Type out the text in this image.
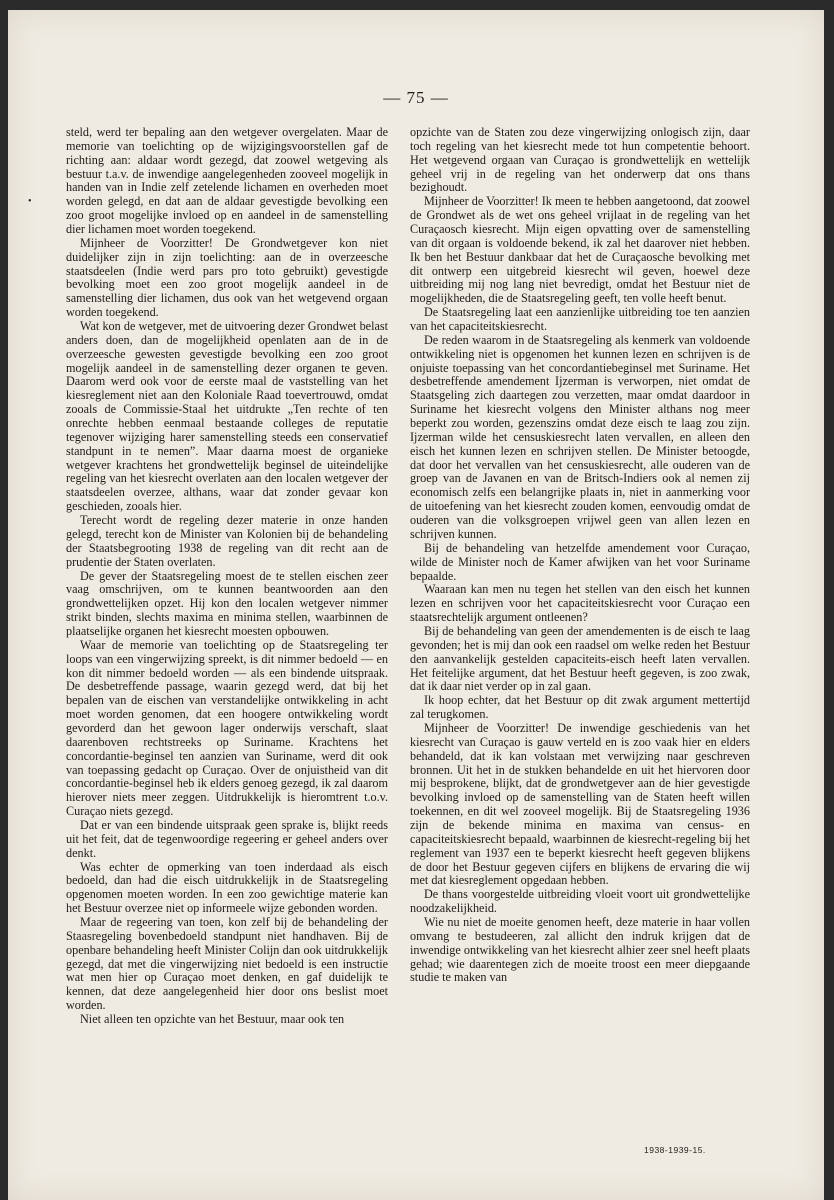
— 75 —
•

steld, werd ter bepaling aan den wetgever overgelaten. Maar de memorie van toelichting op de wijzigingsvoorstellen gaf de richting aan: aldaar wordt gezegd, dat zoowel wetgeving als bestuur t.a.v. de inwendige aangelegenheden zooveel mogelijk in handen van in Indie zelf zetelende lichamen en overheden moet worden gelegd, en dat aan de aldaar gevestigde bevolking een zoo groot mogelijke invloed op en aandeel in de samenstelling dier lichamen moet worden toegekend.

Mijnheer de Voorzitter! De Grondwetgever kon niet duidelijker zijn in zijn toelichting: aan de in overzeesche staatsdeelen (Indie werd pars pro toto gebruikt) gevestigde bevolking moet een zoo groot mogelijk aandeel in de samenstelling dier lichamen, dus ook van het wetgevend orgaan worden toegekend.

Wat kon de wetgever, met de uitvoering dezer Grondwet belast anders doen, dan de mogelijkheid openlaten aan de in de overzeesche gewesten gevestigde bevolking een zoo groot mogelijk aandeel in de samenstelling dezer organen te geven. Daarom werd ook voor de eerste maal de vaststelling van het kiesreglement niet aan den Koloniale Raad toevertrouwd, omdat zooals de Commissie-Staal het uitdrukte „Ten rechte of ten onrechte hebben eenmaal bestaande colleges de reputatie tegenover wijziging harer samenstelling steeds een conservatief standpunt in te nemen”. Maar daarna moest de organieke wetgever krachtens het grondwettelijk beginsel de uiteindelijke regeling van het kiesrecht overlaten aan den localen wetgever der staatsdeelen overzee, althans, waar dat zonder gevaar kon geschieden, zooals hier.

Terecht wordt de regeling dezer materie in onze handen gelegd, terecht kon de Minister van Kolonien bij de behandeling der Staatsbegrooting 1938 de regeling van dit recht aan de prudentie der Staten overlaten.

De gever der Staatsregeling moest de te stellen eischen zeer vaag omschrijven, om te kunnen beantwoorden aan den grondwettelijken opzet. Hij kon den localen wetgever nimmer strikt binden, slechts maxima en minima stellen, waarbinnen de plaatselijke organen het kiesrecht moesten opbouwen.

Waar de memorie van toelichting op de Staatsregeling ter loops van een vingerwijzing spreekt, is dit nimmer bedoeld — en kon dit nimmer bedoeld worden — als een bindende uitspraak. De desbetreffende passage, waarin gezegd werd, dat bij het bepalen van de eischen van verstandelijke ontwikkeling in acht moet worden genomen, dat een hoogere ontwikkeling wordt gevorderd dan het gewoon lager onderwijs verschaft, slaat daarenboven rechtstreeks op Suriname. Krachtens het concordantie-beginsel ten aanzien van Suriname, werd dit ook van toepassing gedacht op Curaçao. Over de onjuistheid van dit concordantie-beginsel heb ik elders genoeg gezegd, ik zal daarom hierover niets meer zeggen. Uitdrukkelijk is hieromtrent t.o.v. Curaçao niets gezegd.

Dat er van een bindende uitspraak geen sprake is, blijkt reeds uit het feit, dat de tegenwoordige regeering er geheel anders over denkt.

Was echter de opmerking van toen inderdaad als eisch bedoeld, dan had die eisch uitdrukkelijk in de Staatsregeling opgenomen moeten worden. In een zoo gewichtige materie kan het Bestuur overzee niet op informeele wijze gebonden worden.

Maar de regeering van toen, kon zelf bij de behandeling der Staasregeling bovenbedoeld standpunt niet handhaven. Bij de openbare behandeling heeft Minister Colijn dan ook uitdrukkelijk gezegd, dat met die vingerwijzing niet bedoeld is een instructie wat men hier op Curaçao moet denken, en gaf duidelijk te kennen, dat deze aangelegenheid hier door ons beslist moet worden.

Niet alleen ten opzichte van het Bestuur, maar ook ten

opzichte van de Staten zou deze vingerwijzing onlogisch zijn, daar toch regeling van het kiesrecht mede tot hun competentie behoort. Het wetgevend orgaan van Curaçao is grondwettelijk en wettelijk geheel vrij in de regeling van het onderwerp dat ons thans bezighoudt.

Mijnheer de Voorzitter! Ik meen te hebben aangetoond, dat zoowel de Grondwet als de wet ons geheel vrijlaat in de regeling van het Curaçaosch kiesrecht. Mijn eigen opvatting over de samenstelling van dit orgaan is voldoende bekend, ik zal het daarover niet hebben. Ik ben het Bestuur dankbaar dat het de Curaçaosche bevolking met dit ontwerp een uitgebreid kiesrecht wil geven, hoewel deze uitbreiding mij nog lang niet bevredigt, omdat het Bestuur niet de mogelijkheden, die de Staatsregeling geeft, ten volle heeft benut.

De Staatsregeling laat een aanzienlijke uitbreiding toe ten aanzien van het capaciteitskiesrecht.

De reden waarom in de Staatsregeling als kenmerk van voldoende ontwikkeling niet is opgenomen het kunnen lezen en schrijven is de onjuiste toepassing van het concordantiebeginsel met Suriname. Het desbetreffende amendement Ijzerman is verworpen, niet omdat de Staatsgeling zich daartegen zou verzetten, maar omdat daardoor in Suriname het kiesrecht volgens den Minister althans nog meer beperkt zou worden, gezenszins omdat deze eisch te laag zou zijn. Ijzerman wilde het censuskiesrecht laten vervallen, en alleen den eisch het kunnen lezen en schrijven stellen. De Minister betoogde, dat door het vervallen van het censuskiesrecht, alle ouderen van de groep van de Javanen en van de Britsch-Indiers ook al nemen zij economisch zelfs een belangrijke plaats in, niet in aanmerking voor de uitoefening van het kiesrecht zouden komen, eenvoudig omdat de ouderen van die volksgroepen vrijwel geen van allen lezen en schrijven kunnen.

Bij de behandeling van hetzelfde amendement voor Curaçao, wilde de Minister noch de Kamer afwijken van het voor Suriname bepaalde.

Waaraan kan men nu tegen het stellen van den eisch het kunnen lezen en schrijven voor het capaciteitskiesrecht voor Curaçao een staatsrechtelijk argument ontleenen?

Bij de behandeling van geen der amendementen is de eisch te laag gevonden; het is mij dan ook een raadsel om welke reden het Bestuur den aanvankelijk gestelden capaciteits-eisch heeft laten vervallen. Het feitelijke argument, dat het Bestuur heeft gegeven, is zoo zwak, dat ik daar niet verder op in zal gaan.

Ik hoop echter, dat het Bestuur op dit zwak argument mettertijd zal terugkomen.

Mijnheer de Voorzitter! De inwendige geschiedenis van het kiesrecht van Curaçao is gauw verteld en is zoo vaak hier en elders behandeld, dat ik kan volstaan met verwijzing naar geschreven bronnen. Uit het in de stukken behandelde en uit het hiervoren door mij besprokene, blijkt, dat de grondwetgever aan de hier gevestigde bevolking invloed op de samenstelling van de Staten heeft willen toekennen, en dit wel zooveel mogelijk. Bij de Staatsregeling 1936 zijn de bekende minima en maxima van census- en capaciteitskiesrecht bepaald, waarbinnen de kiesrecht-regeling bij het reglement van 1937 een te beperkt kiesrecht heeft gegeven blijkens de door het Bestuur gegeven cijfers en blijkens de ervaring die wij met dat kiesreglement opgedaan hebben.

De thans voorgestelde uitbreiding vloeit voort uit grondwettelijke noodzakelijkheid.

Wie nu niet de moeite genomen heeft, deze materie in haar vollen omvang te bestudeeren, zal allicht den indruk krijgen dat de inwendige ontwikkeling van het kiesrecht alhier zeer snel heeft plaats gehad; wie daarentegen zich de moeite troost een meer diepgaande studie te maken van

1938-1939-15.
